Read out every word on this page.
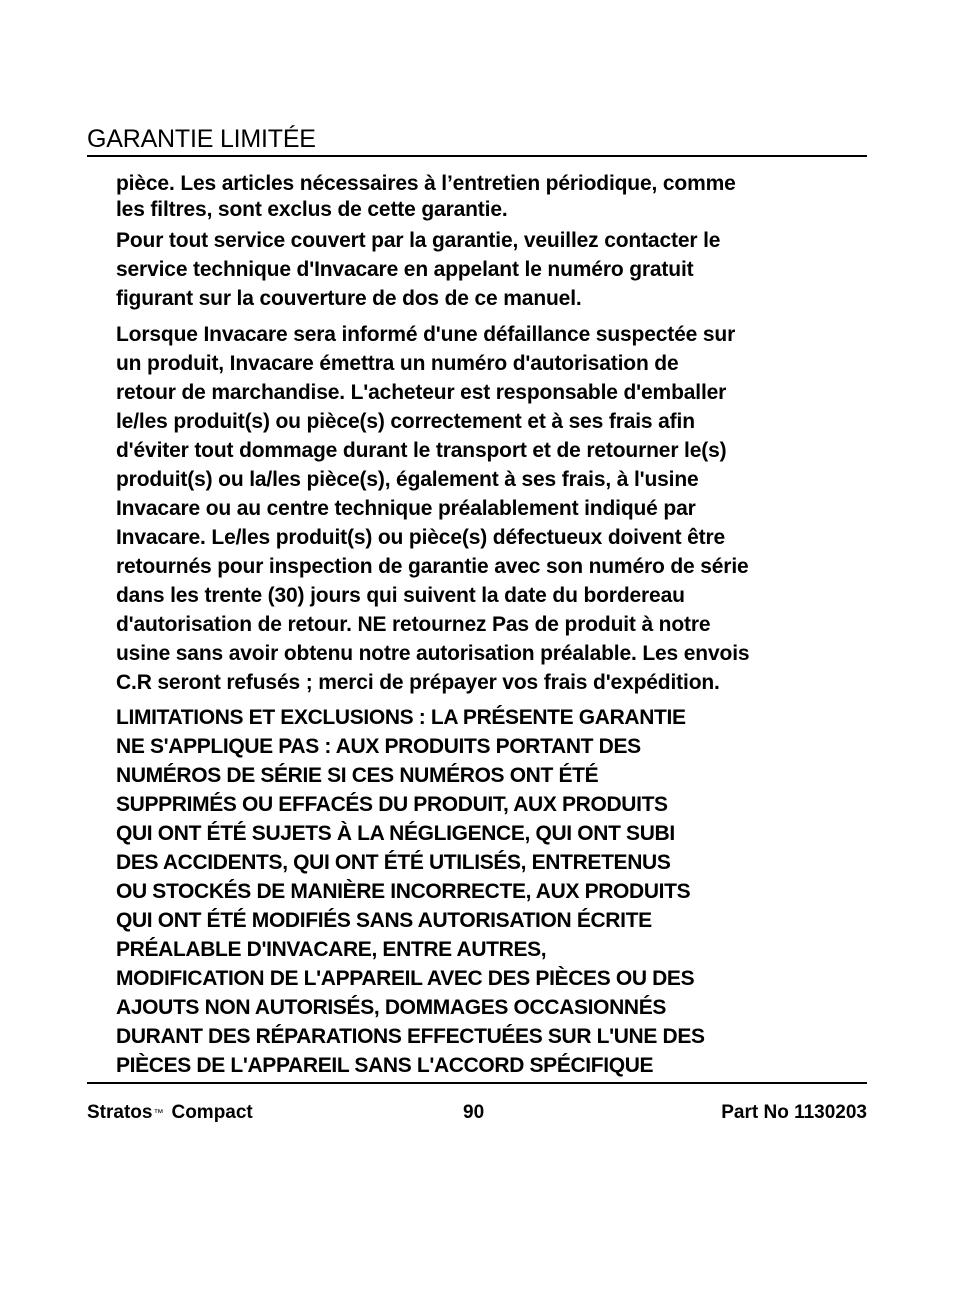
GARANTIE LIMITÉE

pièce. Les articles nécessaires à l’entretien périodique, comme
les filtres, sont exclus de cette garantie.

Pour tout service couvert par la garantie, veuillez contacter le
service technique d'Invacare en appelant le numéro gratuit
figurant sur la couverture de dos de ce manuel.

Lorsque Invacare sera informé d'une défaillance suspectée sur
un produit, Invacare émettra un numéro d'autorisation de
retour de marchandise. L'acheteur est responsable d'emballer
le/les produit(s) ou pièce(s) correctement et à ses frais afin
d'éviter tout dommage durant le transport et de retourner le(s)
produit(s) ou la/les pièce(s), également à ses frais, à l'usine
Invacare ou au centre technique préalablement indiqué par
Invacare. Le/les produit(s) ou pièce(s) défectueux doivent être
retournés pour inspection de garantie avec son numéro de série
dans les trente (30) jours qui suivent la date du bordereau
d'autorisation de retour. NE retournez Pas de produit à notre
usine sans avoir obtenu notre autorisation préalable. Les envois
C.R seront refusés ; merci de prépayer vos frais d'expédition.

LIMITATIONS ET EXCLUSIONS : LA PRÉSENTE GARANTIE
NE S'APPLIQUE PAS : AUX PRODUITS PORTANT DES
NUMÉROS DE SÉRIE SI CES NUMÉROS ONT ÉTÉ
SUPPRIMÉS OU EFFACÉS DU PRODUIT, AUX PRODUITS
QUI ONT ÉTÉ SUJETS À LA NÉGLIGENCE, QUI ONT SUBI
DES ACCIDENTS, QUI ONT ÉTÉ UTILISÉS, ENTRETENUS
OU STOCKÉS DE MANIÈRE INCORRECTE, AUX PRODUITS
QUI ONT ÉTÉ MODIFIÉS SANS AUTORISATION ÉCRITE
PRÉALABLE D'INVACARE, ENTRE AUTRES,
MODIFICATION DE L'APPAREIL AVEC DES PIÈCES OU DES
AJOUTS NON AUTORISÉS, DOMMAGES OCCASIONNÉS
DURANT DES RÉPARATIONS EFFECTUÉES SUR L'UNE DES
PIÈCES DE L'APPAREIL SANS L'ACCORD SPÉCIFIQUE

Stratos™ Compact	90	Part No 1130203
